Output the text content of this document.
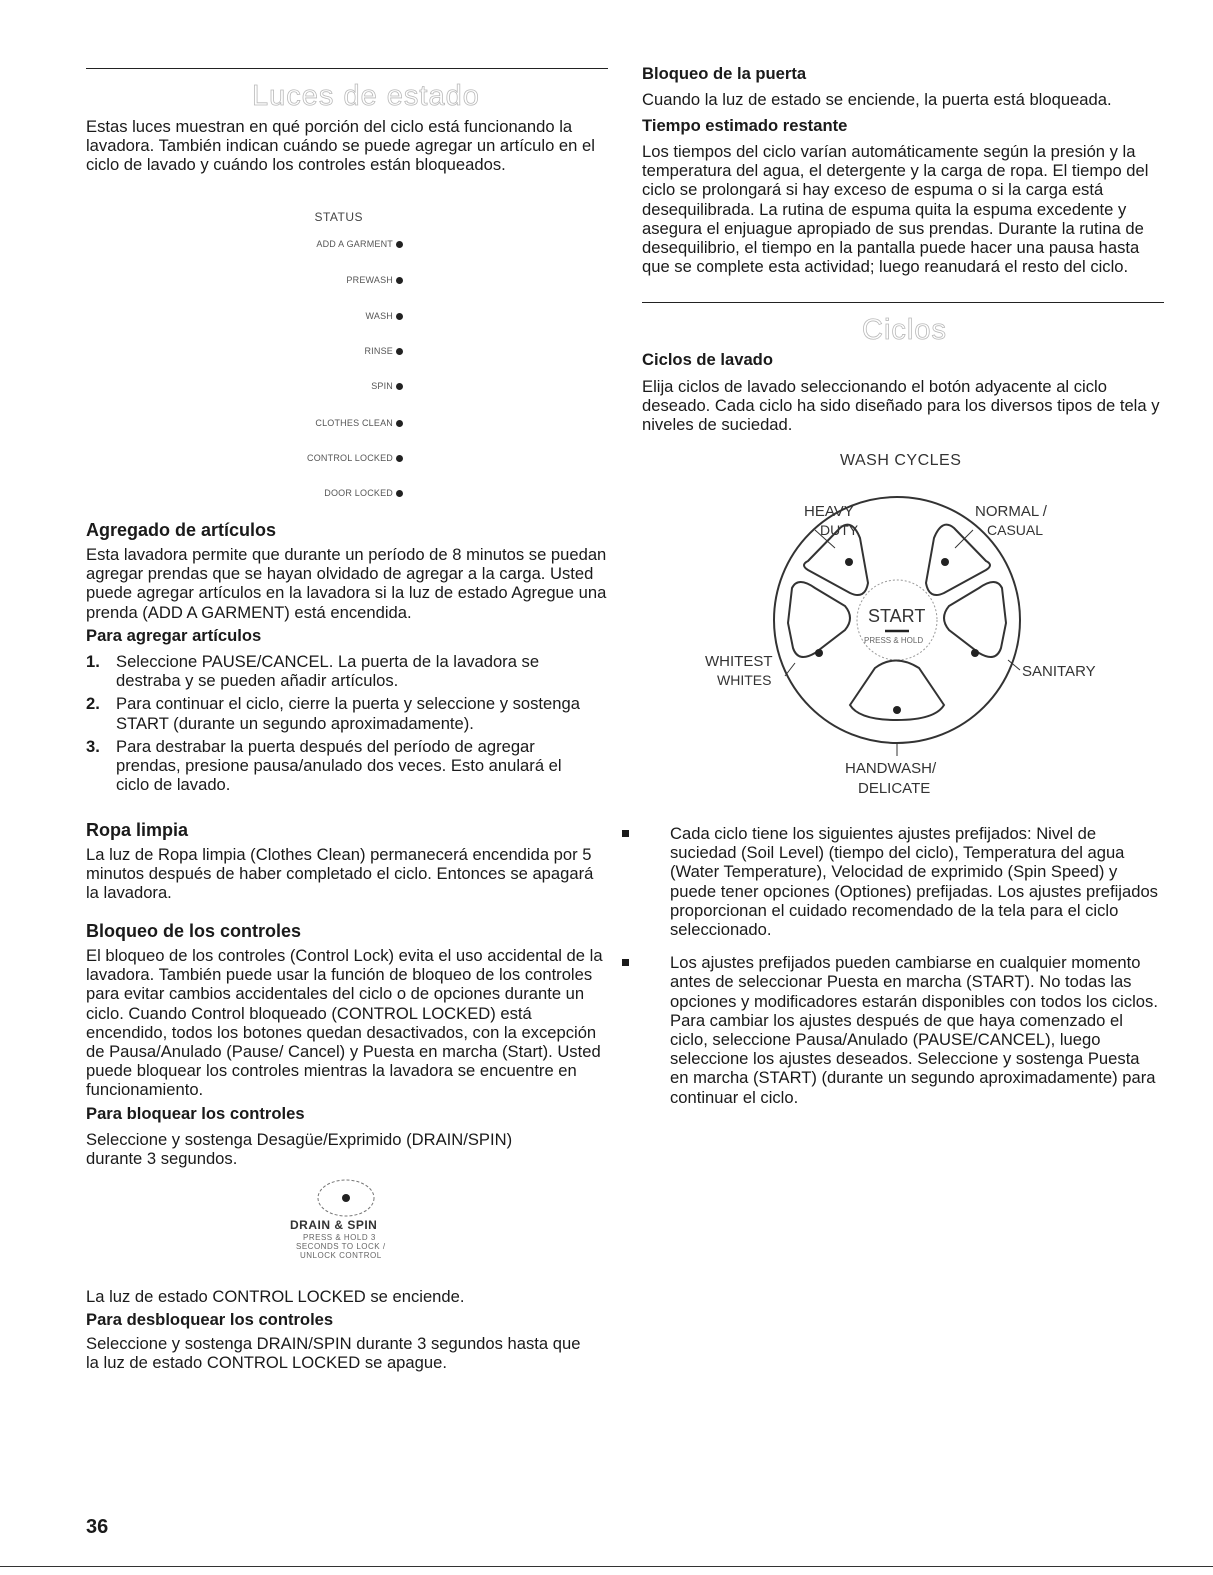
Luces de estado

Estas luces muestran en qué porción del ciclo está funcionando la lavadora. También indican cuándo se puede agregar un artículo en el ciclo de lavado y cuándo los controles están bloqueados.

STATUS
ADD A GARMENT
PREWASH
WASH
RINSE
SPIN
CLOTHES CLEAN
CONTROL LOCKED
DOOR LOCKED
Agregado de artículos

Esta lavadora permite que durante un período de 8 minutos se puedan agregar prendas que se hayan olvidado de agregar a la carga. Usted puede agregar artículos en la lavadora si la luz de estado Agregue una prenda (ADD A GARMENT) está encendida.

Para agregar artículos
1. Seleccione PAUSE/CANCEL. La puerta de la lavadora se destraba y se pueden añadir artículos.
2. Para continuar el ciclo, cierre la puerta y seleccione y sostenga START (durante un segundo aproximadamente).
3. Para destrabar la puerta después del período de agregar prendas, presione pausa/anulado dos veces. Esto anulará el ciclo de lavado.
Ropa limpia

La luz de Ropa limpia (Clothes Clean) permanecerá encendida por 5 minutos después de haber completado el ciclo. Entonces se apagará la lavadora.

Bloqueo de los controles

El bloqueo de los controles (Control Lock) evita el uso accidental de la lavadora. También puede usar la función de bloqueo de los controles para evitar cambios accidentales del ciclo o de opciones durante un ciclo. Cuando Control bloqueado (CONTROL LOCKED) está encendido, todos los botones quedan desactivados, con la excepción de Pausa/Anulado (Pause/ Cancel) y Puesta en marcha (Start). Usted puede bloquear los controles mientras la lavadora se encuentre en funcionamiento.

Para bloquear los controles

Seleccione y sostenga Desagüe/Exprimido (DRAIN/SPIN) durante 3 segundos.

DRAIN & SPIN
PRESS & HOLD 3
SECONDS TO LOCK /
UNLOCK CONTROL

La luz de estado CONTROL LOCKED se enciende.

Para desbloquear los controles

Seleccione y sostenga DRAIN/SPIN durante 3 segundos hasta que la luz de estado CONTROL LOCKED se apague.

36
Bloqueo de la puerta

Cuando la luz de estado se enciende, la puerta está bloqueada.

Tiempo estimado restante

Los tiempos del ciclo varían automáticamente según la presión y la temperatura del agua, el detergente y la carga de ropa. El tiempo del ciclo se prolongará si hay exceso de espuma o si la carga está desequilibrada. La rutina de espuma quita la espuma excedente y asegura el enjuague apropiado de sus prendas. Durante la rutina de desequilibrio, el tiempo en la pantalla puede hacer una pausa hasta que se complete esta actividad; luego reanudará el resto del ciclo.

Ciclos
Ciclos de lavado

Elija ciclos de lavado seleccionando el botón adyacente al ciclo deseado. Cada ciclo ha sido diseñado para los diversos tipos de tela y niveles de suciedad.

WASH CYCLES
HEAVY
DUTY
NORMAL /
CASUAL
WHITEST
WHITES	SANITARY
HANDWASH/
DELICATE
START
PRESS & HOLD
Cada ciclo tiene los siguientes ajustes prefijados: Nivel de suciedad (Soil Level) (tiempo del ciclo), Temperatura del agua (Water Temperature), Velocidad de exprimido (Spin Speed) y puede tener opciones (Optiones) prefijadas. Los ajustes prefijados proporcionan el cuidado recomendado de la tela para el ciclo seleccionado.
Los ajustes prefijados pueden cambiarse en cualquier momento antes de seleccionar Puesta en marcha (START). No todas las opciones y modificadores estarán disponibles con todos los ciclos. Para cambiar los ajustes después de que haya comenzado el ciclo, seleccione Pausa/Anulado (PAUSE/CANCEL), luego seleccione los ajustes deseados. Seleccione y sostenga Puesta en marcha (START) (durante un segundo aproximadamente) para continuar el ciclo.
